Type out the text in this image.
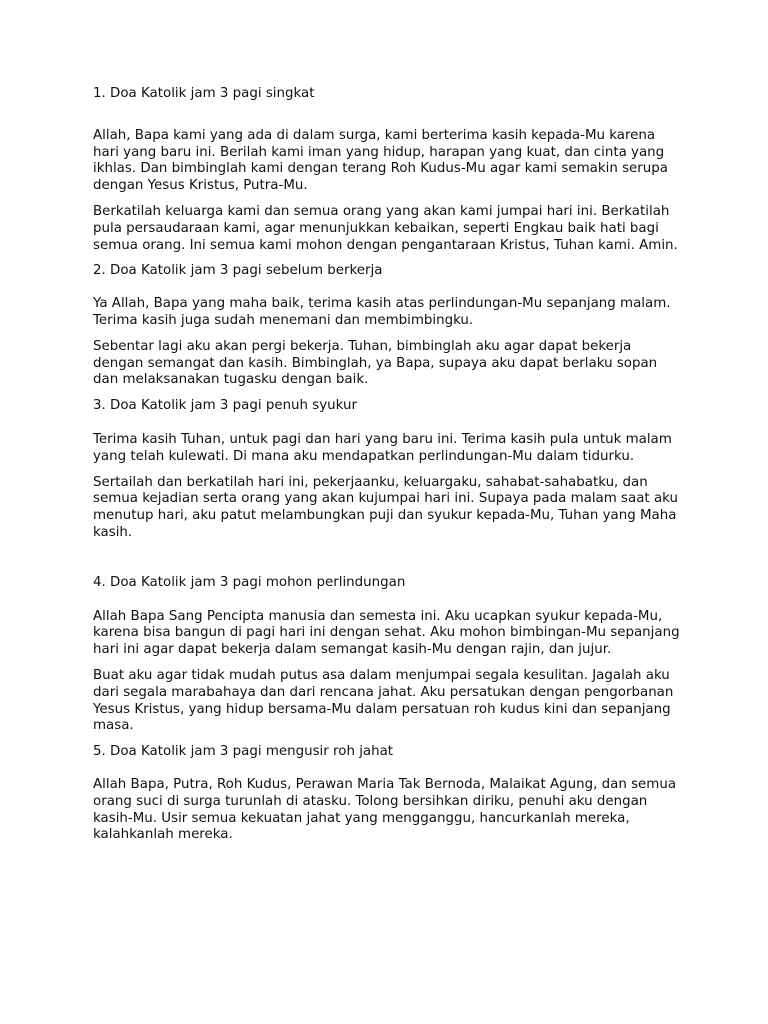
1. Doa Katolik jam 3 pagi singkat

Allah, Bapa kami yang ada di dalam surga, kami berterima kasih kepada-Mu karena hari yang baru ini. Berilah kami iman yang hidup, harapan yang kuat, dan cinta yang ikhlas. Dan bimbinglah kami dengan terang Roh Kudus-Mu agar kami semakin serupa dengan Yesus Kristus, Putra-Mu.

Berkatilah keluarga kami dan semua orang yang akan kami jumpai hari ini. Berkatilah pula persaudaraan kami, agar menunjukkan kebaikan, seperti Engkau baik hati bagi semua orang. Ini semua kami mohon dengan pengantaraan Kristus, Tuhan kami. Amin.

2. Doa Katolik jam 3 pagi sebelum berkerja

Ya Allah, Bapa yang maha baik, terima kasih atas perlindungan-Mu sepanjang malam. Terima kasih juga sudah menemani dan membimbingku.

Sebentar lagi aku akan pergi bekerja. Tuhan, bimbinglah aku agar dapat bekerja dengan semangat dan kasih. Bimbinglah, ya Bapa, supaya aku dapat berlaku sopan dan melaksanakan tugasku dengan baik.

3. Doa Katolik jam 3 pagi penuh syukur

Terima kasih Tuhan, untuk pagi dan hari yang baru ini. Terima kasih pula untuk malam yang telah kulewati. Di mana aku mendapatkan perlindungan-Mu dalam tidurku.

Sertailah dan berkatilah hari ini, pekerjaanku, keluargaku, sahabat-sahabatku, dan semua kejadian serta orang yang akan kujumpai hari ini. Supaya pada malam saat aku menutup hari, aku patut melambungkan puji dan syukur kepada-Mu, Tuhan yang Maha kasih.

4. Doa Katolik jam 3 pagi mohon perlindungan

Allah Bapa Sang Pencipta manusia dan semesta ini. Aku ucapkan syukur kepada-Mu, karena bisa bangun di pagi hari ini dengan sehat. Aku mohon bimbingan-Mu sepanjang hari ini agar dapat bekerja dalam semangat kasih-Mu dengan rajin, dan jujur.

Buat aku agar tidak mudah putus asa dalam menjumpai segala kesulitan. Jagalah aku dari segala marabahaya dan dari rencana jahat. Aku persatukan dengan pengorbanan Yesus Kristus, yang hidup bersama-Mu dalam persatuan roh kudus kini dan sepanjang masa.

5. Doa Katolik jam 3 pagi mengusir roh jahat

Allah Bapa, Putra, Roh Kudus, Perawan Maria Tak Bernoda, Malaikat Agung, dan semua orang suci di surga turunlah di atasku. Tolong bersihkan diriku, penuhi aku dengan kasih-Mu. Usir semua kekuatan jahat yang mengganggu, hancurkanlah mereka, kalahkanlah mereka.
